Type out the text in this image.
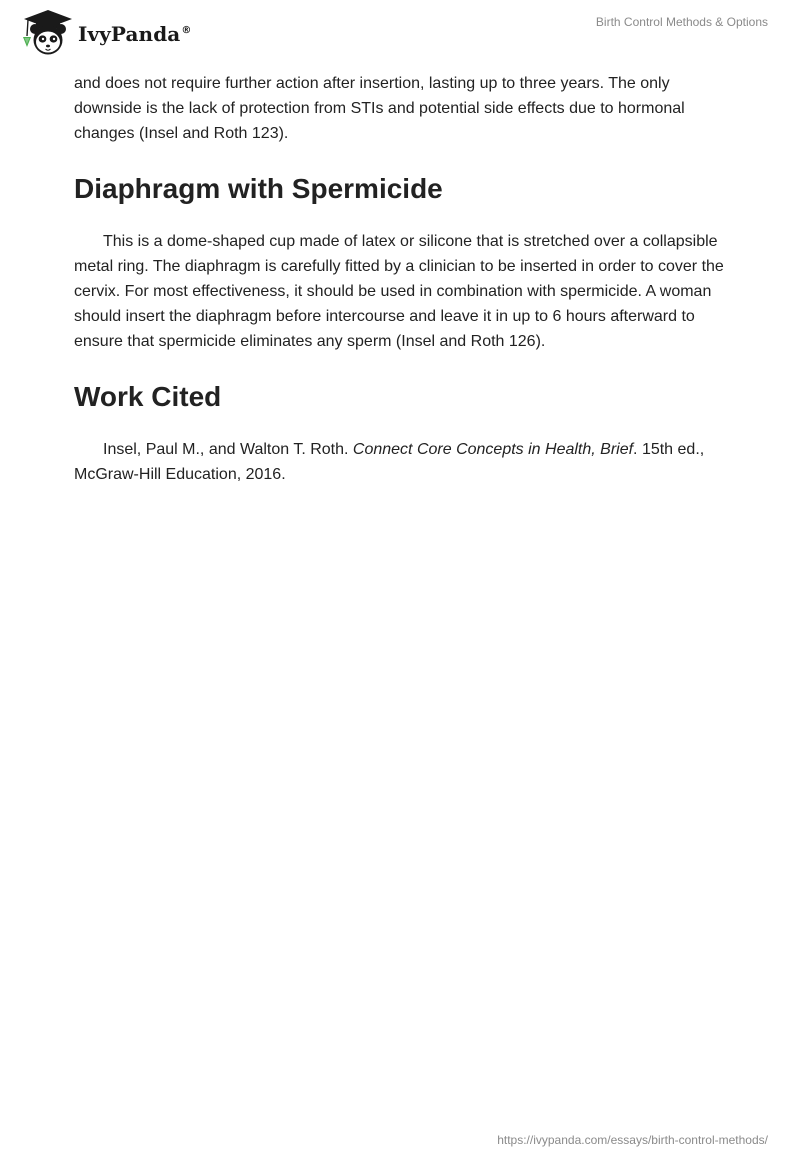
IvyPanda®
Birth Control Methods & Options

and does not require further action after insertion, lasting up to three years. The only downside is the lack of protection from STIs and potential side effects due to hormonal changes (Insel and Roth 123).

Diaphragm with Spermicide

This is a dome-shaped cup made of latex or silicone that is stretched over a collapsible metal ring. The diaphragm is carefully fitted by a clinician to be inserted in order to cover the cervix. For most effectiveness, it should be used in combination with spermicide. A woman should insert the diaphragm before intercourse and leave it in up to 6 hours afterward to ensure that spermicide eliminates any sperm (Insel and Roth 126).

Work Cited

Insel, Paul M., and Walton T. Roth. Connect Core Concepts in Health, Brief. 15th ed., McGraw-Hill Education, 2016.

https://ivypanda.com/essays/birth-control-methods/
